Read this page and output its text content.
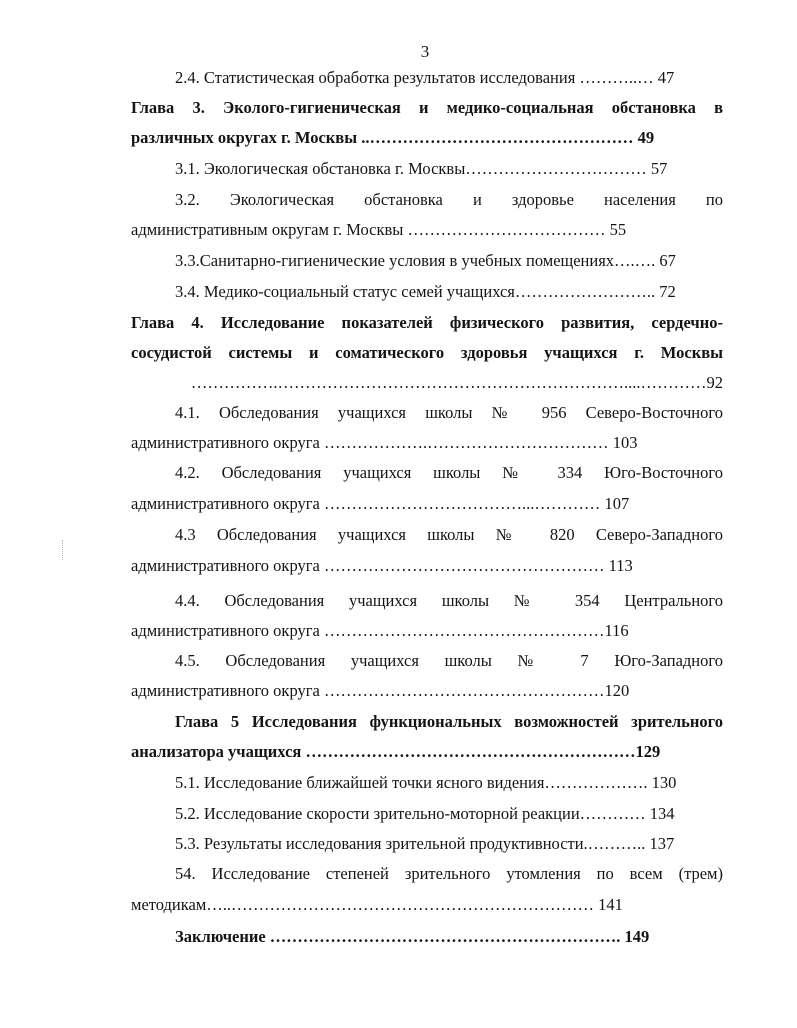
3
2.4. Статистическая обработка результатов исследования ………..… 47
Глава 3. Эколого-гигиеническая и медико-социальная обстановка в
различных округах г. Москвы ..………………………………………… 49
3.1. Экологическая обстановка г. Москвы…………………………… 57
3.2. Экологическая обстановка и здоровье населения по
административным округам г. Москвы ……………………………… 55
3.3.Санитарно-гигиенические условия в учебных помещениях….…. 67
3.4. Медико-социальный статус семей учащихся…………………….. 72
Глава 4. Исследование показателей физического развития, сердечно-
сосудистой системы и соматического здоровья учащихся г. Москвы
…………….………………………………………………………....…………92
4.1. Обследования учащихся школы № 956 Северо-Восточного
административного округа ……………….…………………………… 103
4.2. Обследования учащихся школы № 334 Юго-Восточного
административного округа ………………………………...………… 107
4.3 Обследования учащихся школы № 820 Северо-Западного
административного округа …………………………………………… 113
4.4. Обследования учащихся школы № 354 Центрального
административного округа ……………………………………………116
4.5. Обследования учащихся школы № 7 Юго-Западного
административного округа ……………………………………………120
Глава 5 Исследования функциональных возможностей зрительного
анализатора учащихся ……………………………………………………129
5.1. Исследование ближайшей точки ясного видения………………. 130
5.2. Исследование скорости зрительно-моторной реакции………… 134
5.3. Результаты исследования зрительной продуктивности.……….. 137
54. Исследование степеней зрительного утомления по всем (трем)
методикам…..………………………………………………………… 141
Заключение ………………………………………………………. 149
